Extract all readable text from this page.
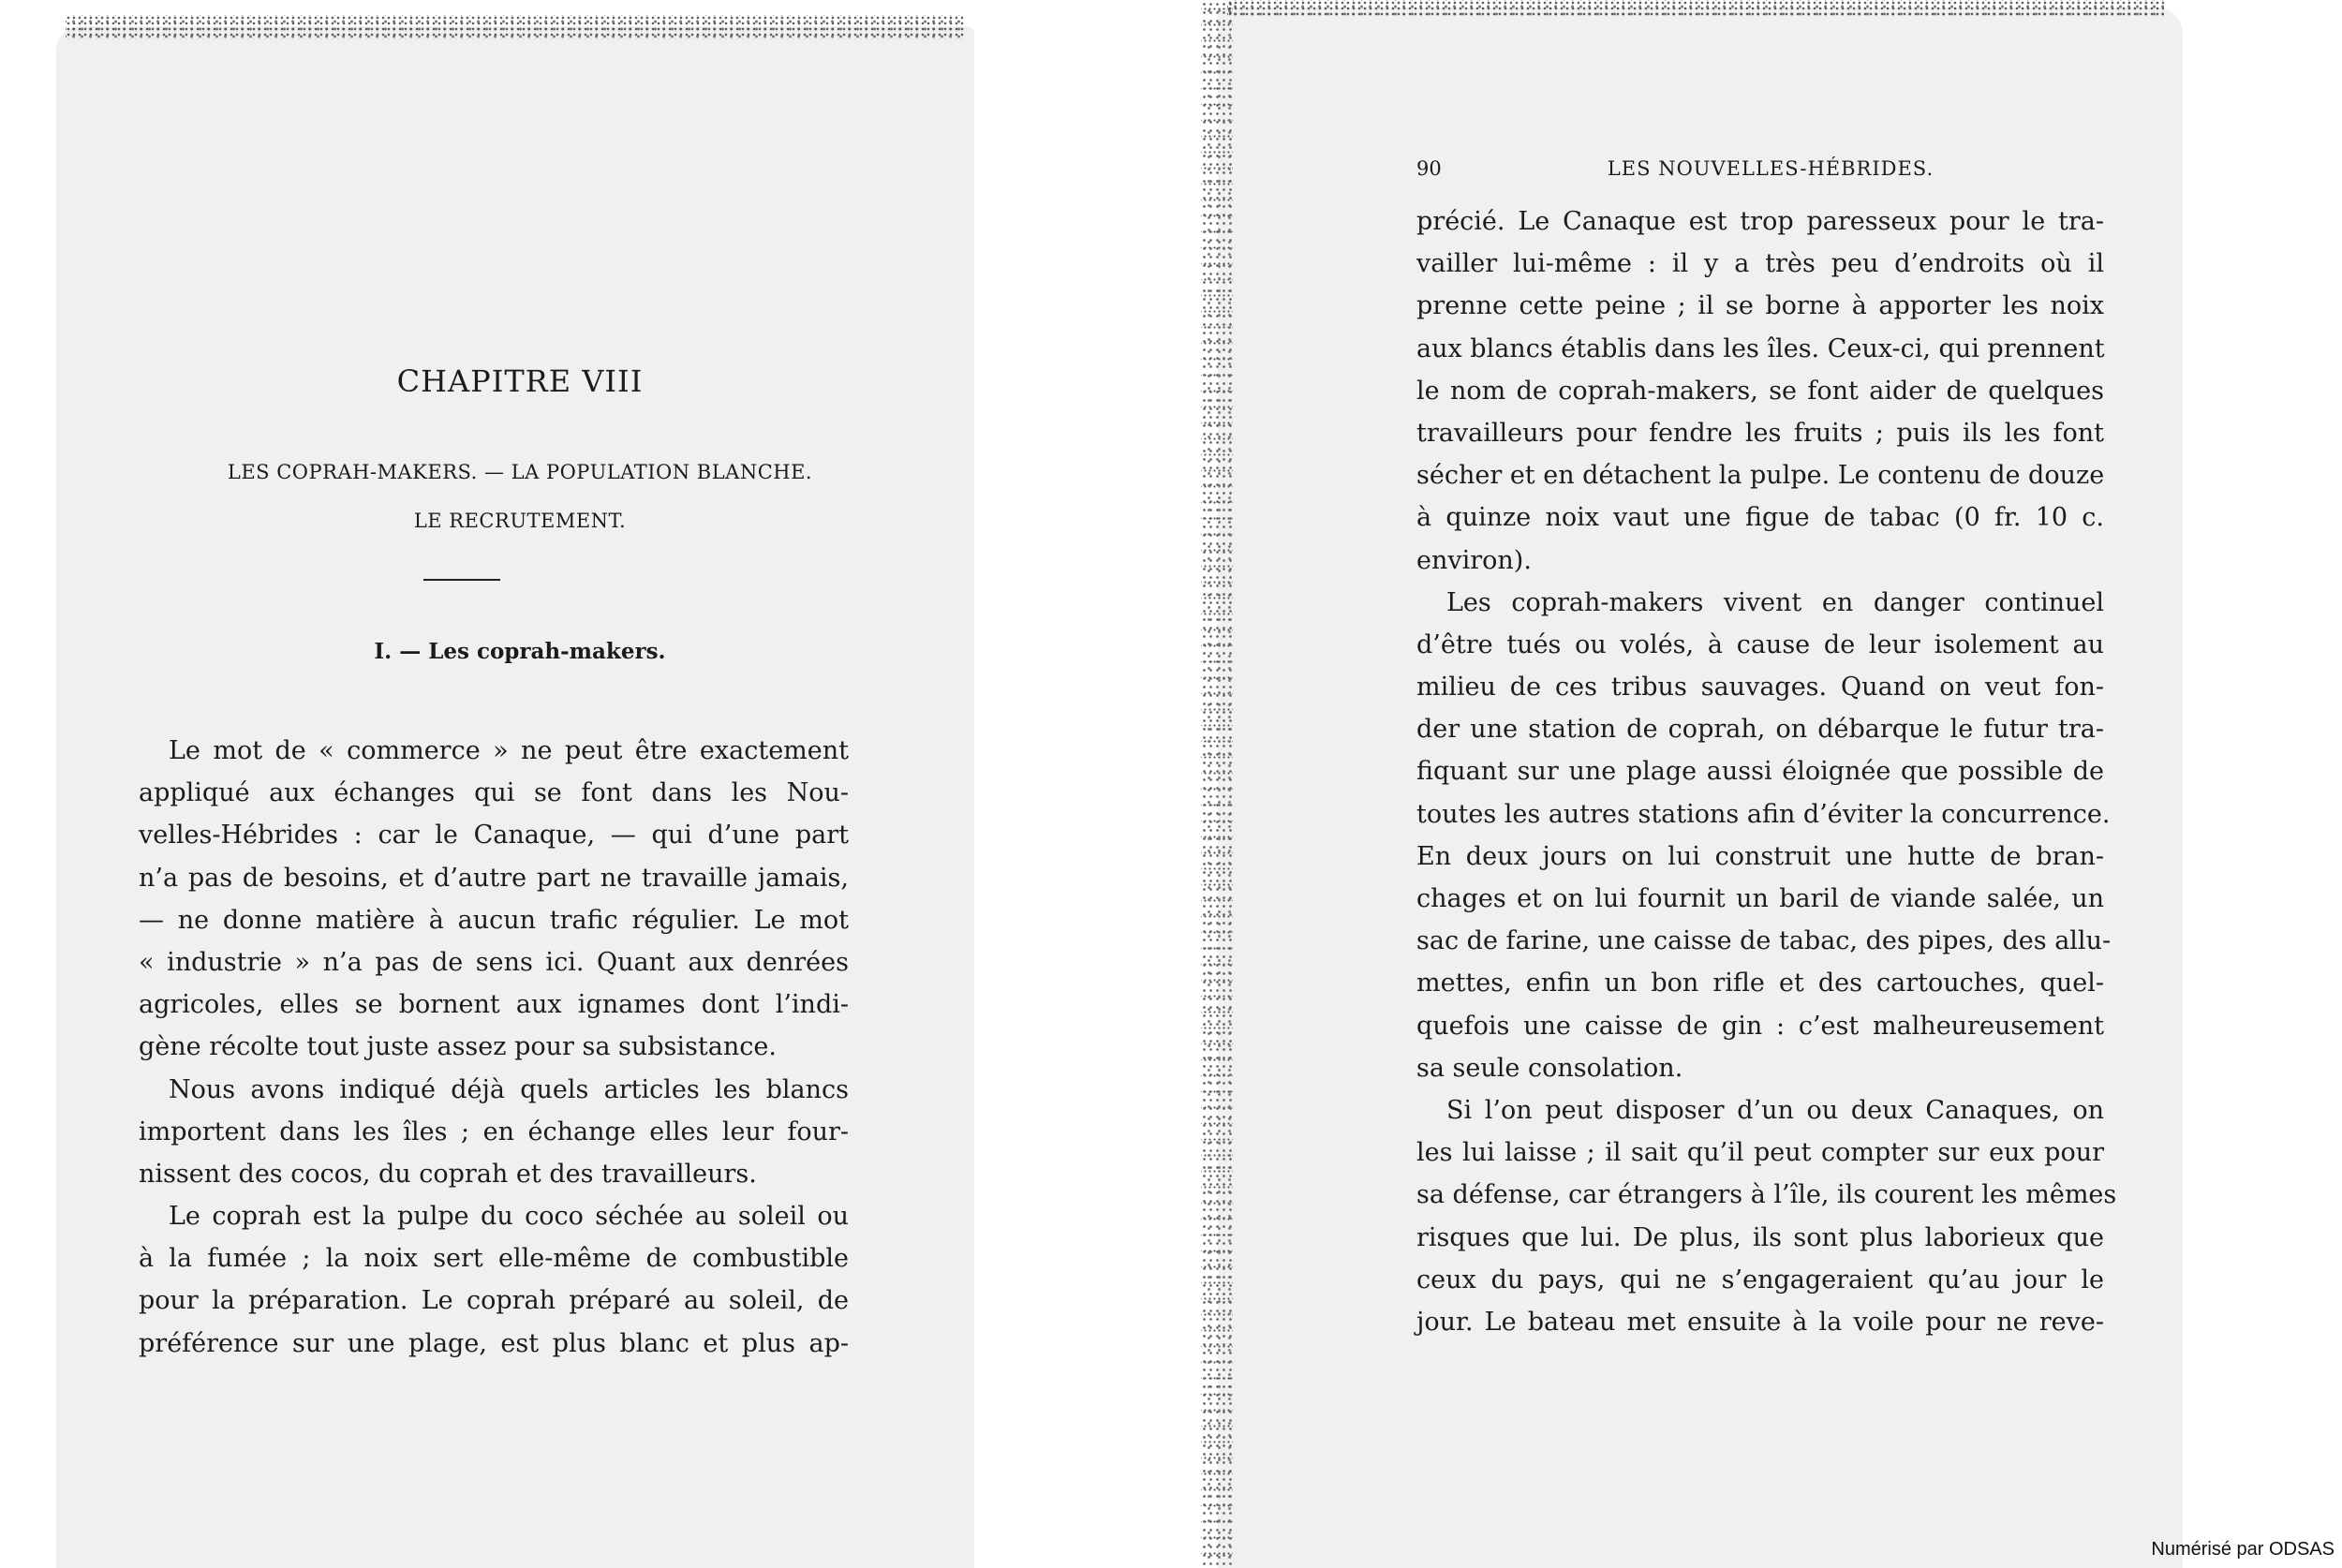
CHAPITRE VIII
LES COPRAH-MAKERS. — LA POPULATION BLANCHE.
LE RECRUTEMENT.
I. — Les coprah-makers.
Le mot de « commerce » ne peut être exactement
appliqué aux échanges qui se font dans les Nou-
velles-Hébrides : car le Canaque, — qui d’une part
n’a pas de besoins, et d’autre part ne travaille jamais,
— ne donne matière à aucun trafic régulier. Le mot
« industrie » n’a pas de sens ici. Quant aux denrées
agricoles, elles se bornent aux ignames dont l’indi-
gène récolte tout juste assez pour sa subsistance.
Nous avons indiqué déjà quels articles les blancs
importent dans les îles ; en échange elles leur four-
nissent des cocos, du coprah et des travailleurs.
Le coprah est la pulpe du coco séchée au soleil ou
à la fumée ; la noix sert elle-même de combustible
pour la préparation. Le coprah préparé au soleil, de
préférence sur une plage, est plus blanc et plus ap-
90	LES NOUVELLES-HÉBRIDES.
précié. Le Canaque est trop paresseux pour le tra-
vailler lui-même : il y a très peu d’endroits où il
prenne cette peine ; il se borne à apporter les noix
aux blancs établis dans les îles. Ceux-ci, qui prennent
le nom de coprah-makers, se font aider de quelques
travailleurs pour fendre les fruits ; puis ils les font
sécher et en détachent la pulpe. Le contenu de douze
à quinze noix vaut une figue de tabac (0 fr. 10 c.
environ).
Les coprah-makers vivent en danger continuel
d’être tués ou volés, à cause de leur isolement au
milieu de ces tribus sauvages. Quand on veut fon-
der une station de coprah, on débarque le futur tra-
fiquant sur une plage aussi éloignée que possible de
toutes les autres stations afin d’éviter la concurrence.
En deux jours on lui construit une hutte de bran-
chages et on lui fournit un baril de viande salée, un
sac de farine, une caisse de tabac, des pipes, des allu-
mettes, enfin un bon rifle et des cartouches, quel-
quefois une caisse de gin : c’est malheureusement
sa seule consolation.
Si l’on peut disposer d’un ou deux Canaques, on
les lui laisse ; il sait qu’il peut compter sur eux pour
sa défense, car étrangers à l’île, ils courent les mêmes
risques que lui. De plus, ils sont plus laborieux que
ceux du pays, qui ne s’engageraient qu’au jour le
jour. Le bateau met ensuite à la voile pour ne reve-
Numérisé par ODSAS
